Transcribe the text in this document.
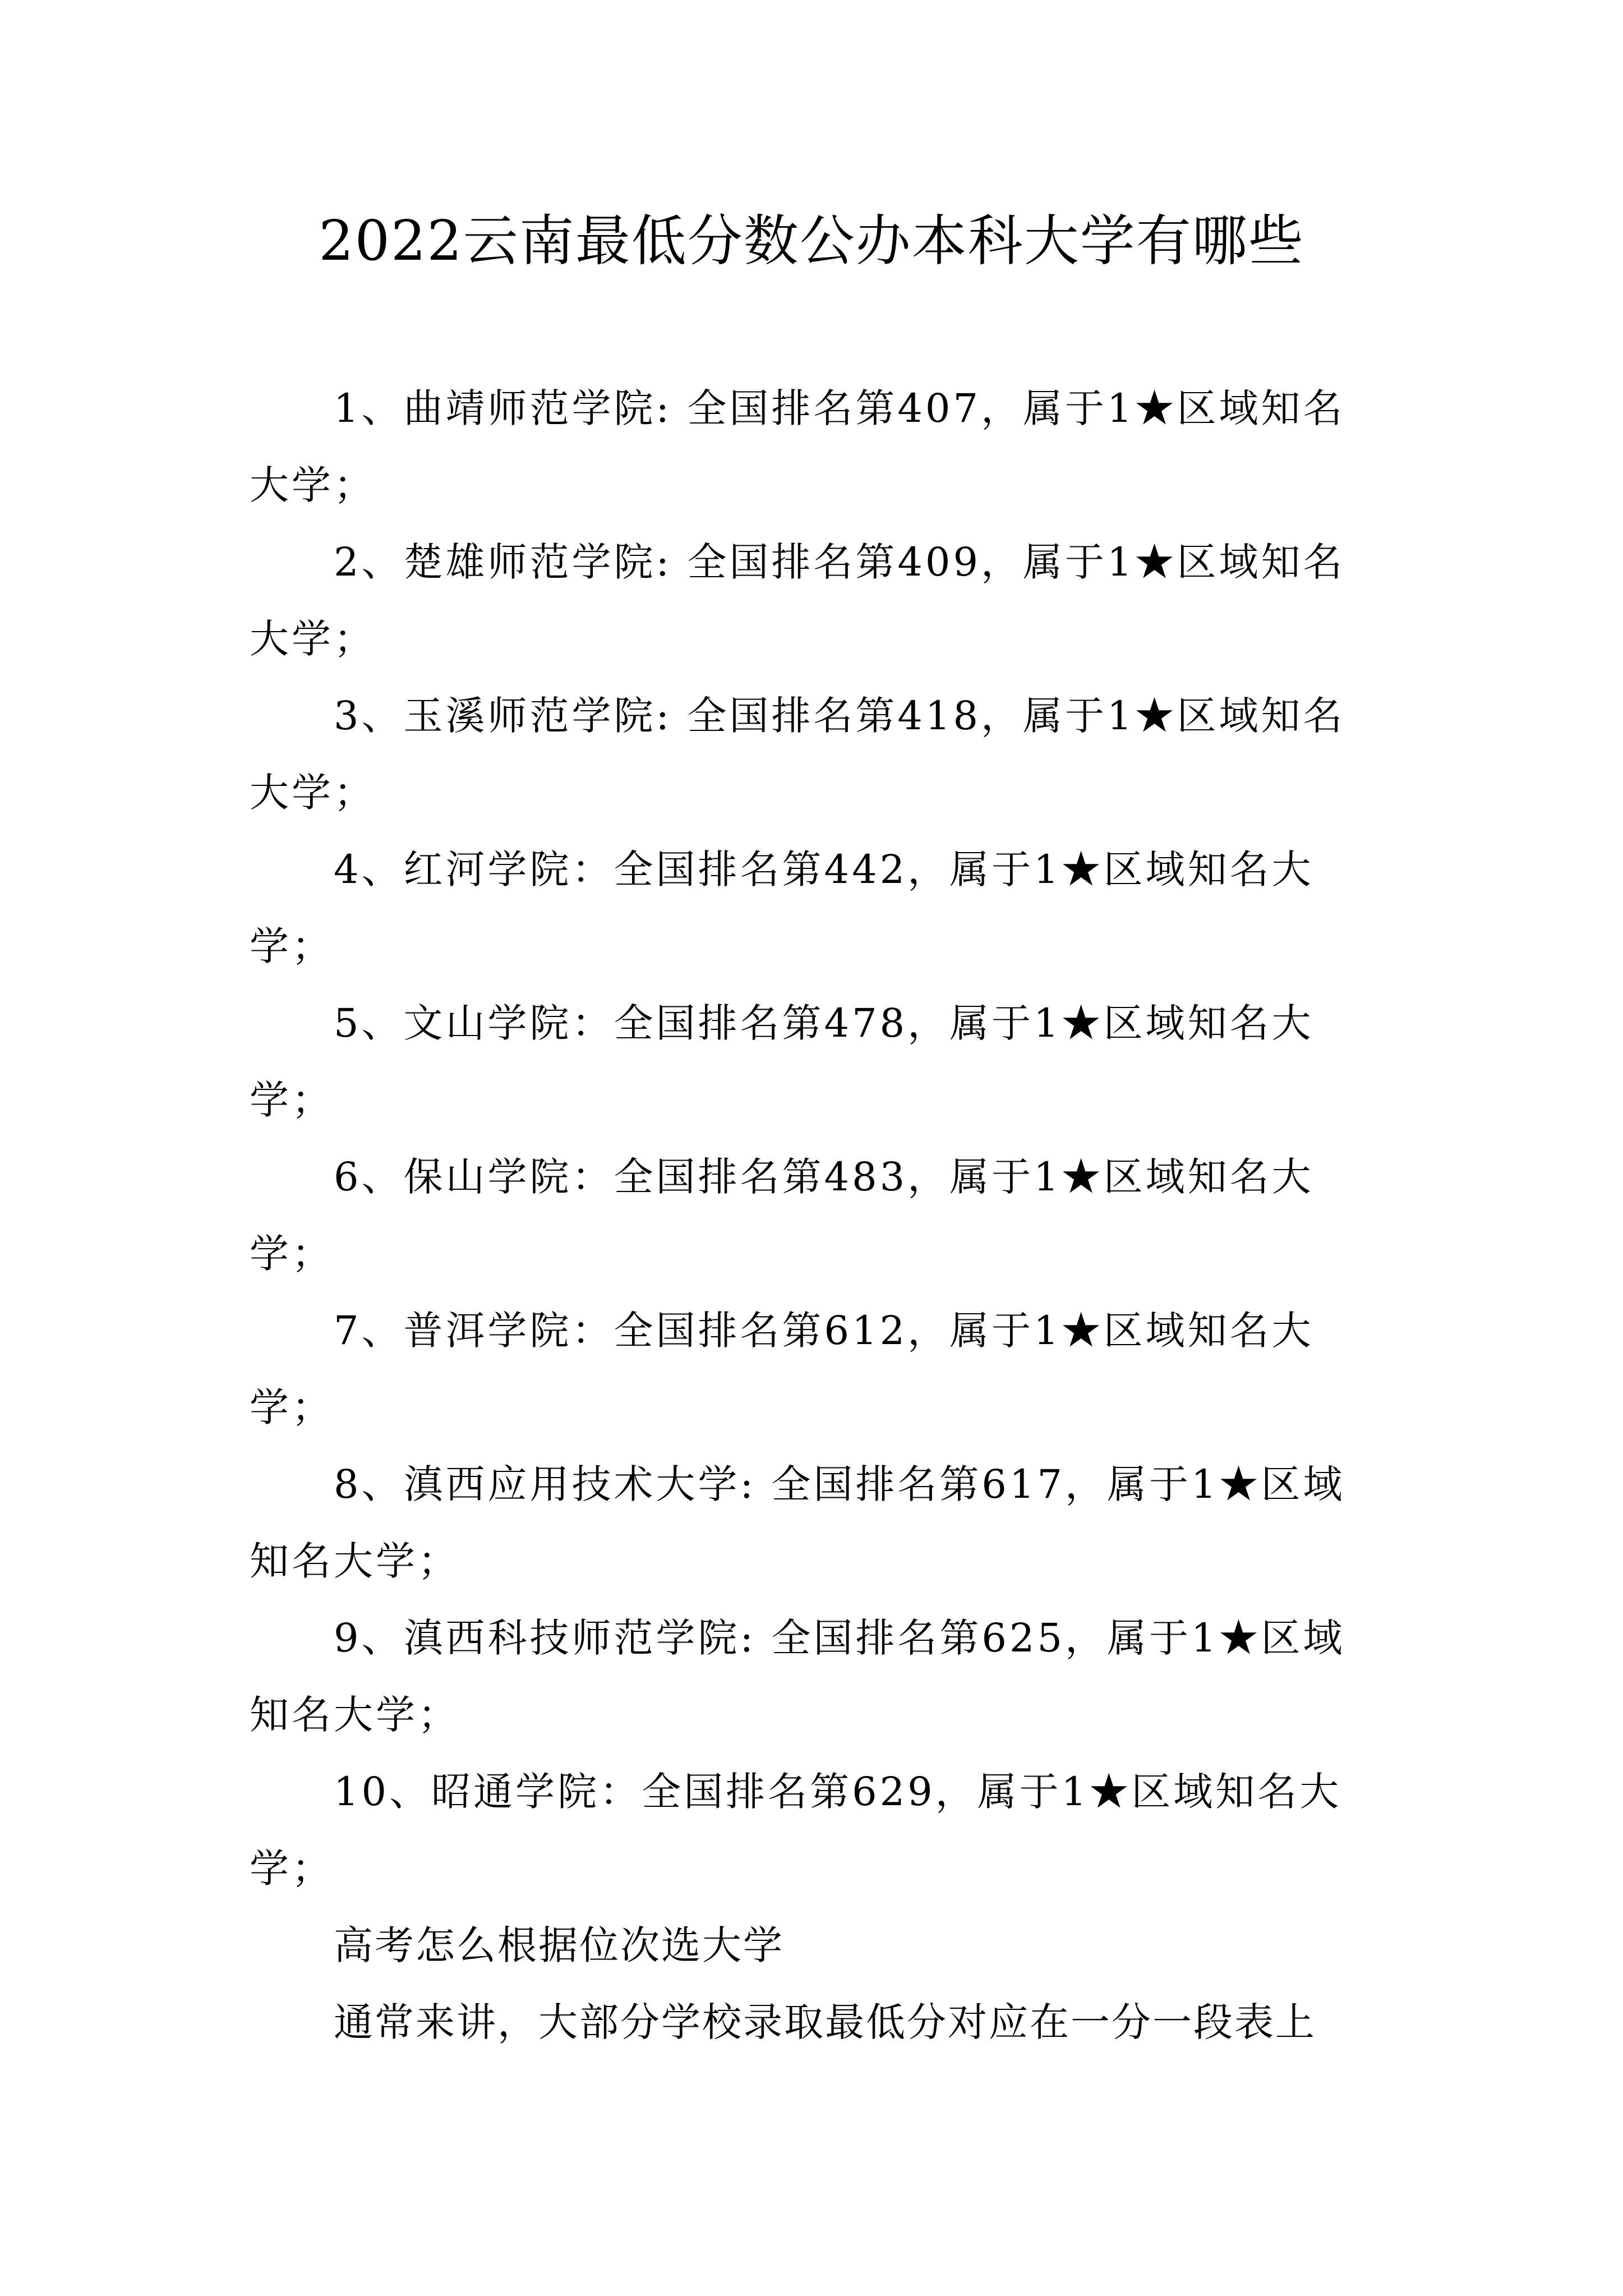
2022云南最低分数公办本科大学有哪些

1、曲靖师范学院: 全国排名第407，属于1★区域知名大学；

2、楚雄师范学院: 全国排名第409，属于1★区域知名大学；

3、玉溪师范学院: 全国排名第418，属于1★区域知名大学；

4、红河学院：全国排名第442，属于1★区域知名大学；

5、文山学院：全国排名第478，属于1★区域知名大学；

6、保山学院：全国排名第483，属于1★区域知名大学；

7、普洱学院：全国排名第612，属于1★区域知名大学；

8、滇西应用技术大学: 全国排名第617，属于1★区域知名大学；

9、滇西科技师范学院: 全国排名第625，属于1★区域知名大学；

10、昭通学院：全国排名第629，属于1★区域知名大学；

高考怎么根据位次选大学

通常来讲，大部分学校录取最低分对应在一分一段表上
